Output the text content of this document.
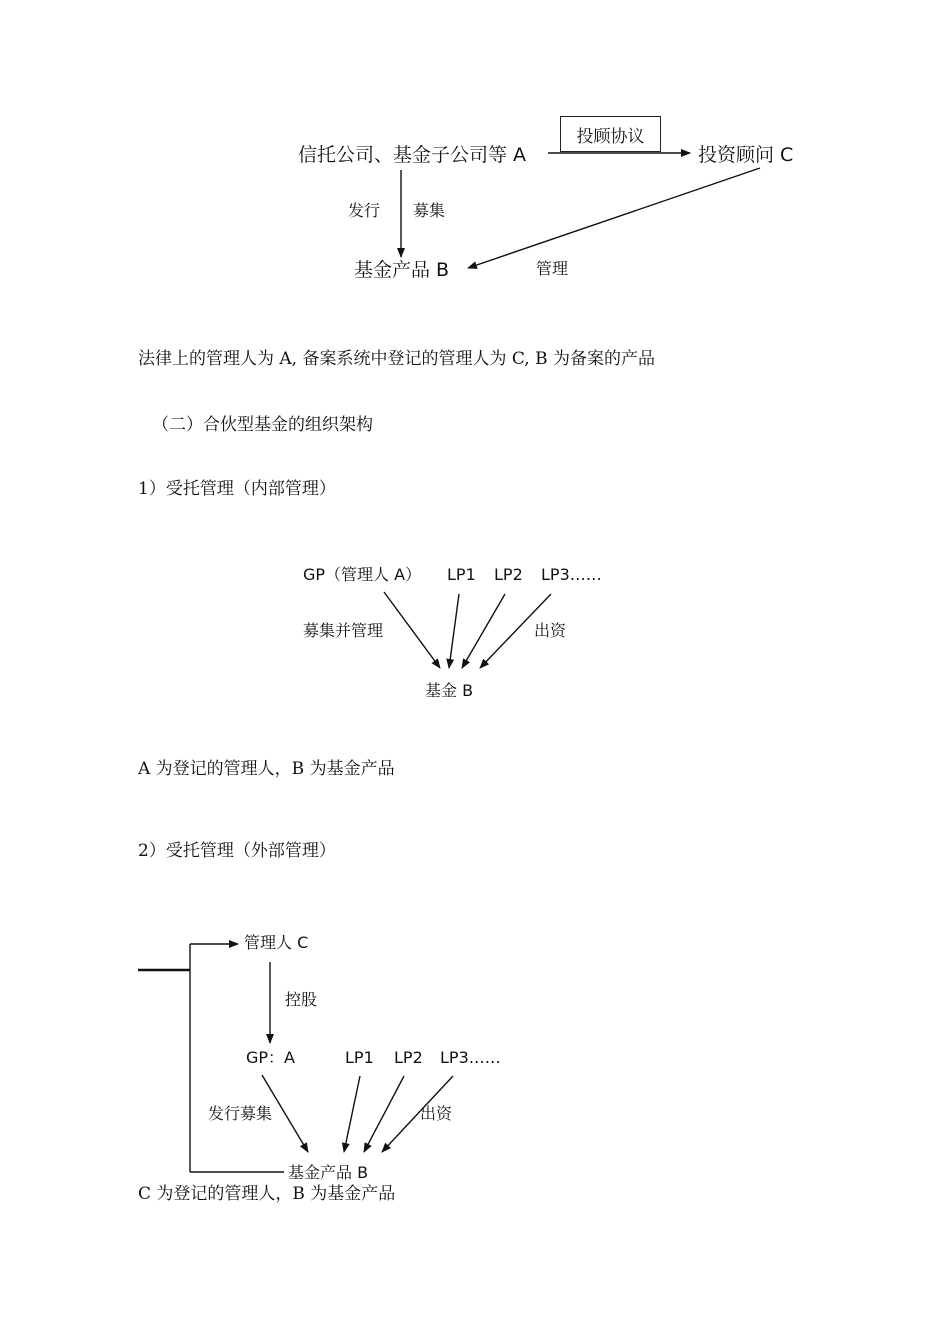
信托公司、基金子公司等 A
投顾协议
投资顾问 C
发行 募集
基金产品 B	管理
法律上的管理人为 A, 备案系统中登记的管理人为 C, B 为备案的产品
（二）合伙型基金的组织架构
1）受托管理（内部管理）
GP（管理人 A） LP1 LP2 LP3……
募集并管理	出资
基金 B
A 为登记的管理人，B 为基金产品
2）受托管理（外部管理）
管理人 C
控股
GP：A	LP1 LP2 LP3……
发行募集	出资
基金产品 B
C 为登记的管理人，B 为基金产品
